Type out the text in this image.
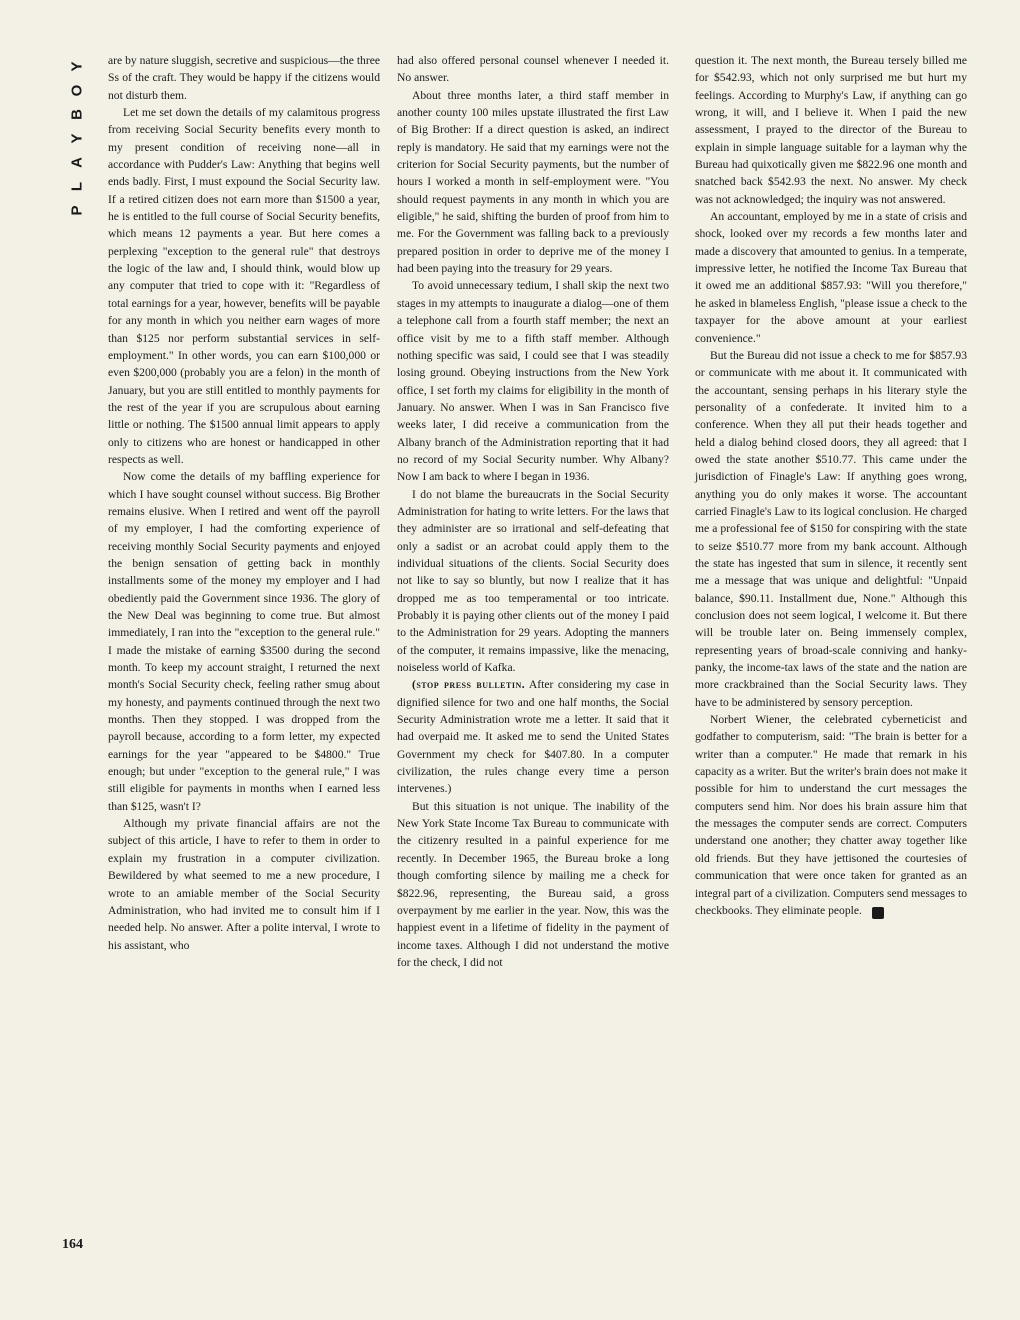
Y
O
B
Y
A
L
P

are by nature sluggish, secretive and suspicious—the three Ss of the craft. They would be happy if the citizens would not disturb them.

Let me set down the details of my calamitous progress from receiving Social Security benefits every month to my present condition of receiving none—all in accordance with Pudder's Law: Anything that begins well ends badly. First, I must expound the Social Security law. If a retired citizen does not earn more than $1500 a year, he is entitled to the full course of Social Security benefits, which means 12 payments a year. But here comes a perplexing "exception to the general rule" that destroys the logic of the law and, I should think, would blow up any computer that tried to cope with it: "Regardless of total earnings for a year, however, benefits will be payable for any month in which you neither earn wages of more than $125 nor perform substantial services in self-employment." In other words, you can earn $100,000 or even $200,000 (probably you are a felon) in the month of January, but you are still entitled to monthly payments for the rest of the year if you are scrupulous about earning little or nothing. The $1500 annual limit appears to apply only to citizens who are honest or handicapped in other respects as well.

Now come the details of my baffling experience for which I have sought counsel without success. Big Brother remains elusive. When I retired and went off the payroll of my employer, I had the comforting experience of receiving monthly Social Security payments and enjoyed the benign sensation of getting back in monthly installments some of the money my employer and I had obediently paid the Government since 1936. The glory of the New Deal was beginning to come true. But almost immediately, I ran into the "exception to the general rule." I made the mistake of earning $3500 during the second month. To keep my account straight, I returned the next month's Social Security check, feeling rather smug about my honesty, and payments continued through the next two months. Then they stopped. I was dropped from the payroll because, according to a form letter, my expected earnings for the year "appeared to be $4800." True enough; but under "exception to the general rule," I was still eligible for payments in months when I earned less than $125, wasn't I?

Although my private financial affairs are not the subject of this article, I have to refer to them in order to explain my frustration in a computer civilization. Bewildered by what seemed to me a new procedure, I wrote to an amiable member of the Social Security Administration, who had invited me to consult him if I needed help. No answer. After a polite interval, I wrote to his assistant, who

had also offered personal counsel whenever I needed it. No answer.

About three months later, a third staff member in another county 100 miles upstate illustrated the first Law of Big Brother: If a direct question is asked, an indirect reply is mandatory. He said that my earnings were not the criterion for Social Security payments, but the number of hours I worked a month in self-employment were. "You should request payments in any month in which you are eligible," he said, shifting the burden of proof from him to me. For the Government was falling back to a previously prepared position in order to deprive me of the money I had been paying into the treasury for 29 years.

To avoid unnecessary tedium, I shall skip the next two stages in my attempts to inaugurate a dialog—one of them a telephone call from a fourth staff member; the next an office visit by me to a fifth staff member. Although nothing specific was said, I could see that I was steadily losing ground. Obeying instructions from the New York office, I set forth my claims for eligibility in the month of January. No answer. When I was in San Francisco five weeks later, I did receive a communication from the Albany branch of the Administration reporting that it had no record of my Social Security number. Why Albany? Now I am back to where I began in 1936.

I do not blame the bureaucrats in the Social Security Administration for hating to write letters. For the laws that they administer are so irrational and self-defeating that only a sadist or an acrobat could apply them to the individual situations of the clients. Social Security does not like to say so bluntly, but now I realize that it has dropped me as too temperamental or too intricate. Probably it is paying other clients out of the money I paid to the Administration for 29 years. Adopting the manners of the computer, it remains impassive, like the menacing, noiseless world of Kafka.

(stop press bulletin. After considering my case in dignified silence for two and one half months, the Social Security Administration wrote me a letter. It said that it had overpaid me. It asked me to send the United States Government my check for $407.80. In a computer civilization, the rules change every time a person intervenes.)

But this situation is not unique. The inability of the New York State Income Tax Bureau to communicate with the citizenry resulted in a painful experience for me recently. In December 1965, the Bureau broke a long though comforting silence by mailing me a check for $822.96, representing, the Bureau said, a gross overpayment by me earlier in the year. Now, this was the happiest event in a lifetime of fidelity in the payment of income taxes. Although I did not understand the motive for the check, I did not

question it. The next month, the Bureau tersely billed me for $542.93, which not only surprised me but hurt my feelings. According to Murphy's Law, if anything can go wrong, it will, and I believe it. When I paid the new assessment, I prayed to the director of the Bureau to explain in simple language suitable for a layman why the Bureau had quixotically given me $822.96 one month and snatched back $542.93 the next. No answer. My check was not acknowledged; the inquiry was not answered.

An accountant, employed by me in a state of crisis and shock, looked over my records a few months later and made a discovery that amounted to genius. In a temperate, impressive letter, he notified the Income Tax Bureau that it owed me an additional $857.93: "Will you therefore," he asked in blameless English, "please issue a check to the taxpayer for the above amount at your earliest convenience."

But the Bureau did not issue a check to me for $857.93 or communicate with me about it. It communicated with the accountant, sensing perhaps in his literary style the personality of a confederate. It invited him to a conference. When they all put their heads together and held a dialog behind closed doors, they all agreed: that I owed the state another $510.77. This came under the jurisdiction of Finagle's Law: If anything goes wrong, anything you do only makes it worse. The accountant carried Finagle's Law to its logical conclusion. He charged me a professional fee of $150 for conspiring with the state to seize $510.77 more from my bank account. Although the state has ingested that sum in silence, it recently sent me a message that was unique and delightful: "Unpaid balance, $90.11. Installment due, None." Although this conclusion does not seem logical, I welcome it. But there will be trouble later on. Being immensely complex, representing years of broad-scale conniving and hanky-panky, the income-tax laws of the state and the nation are more crackbrained than the Social Security laws. They have to be administered by sensory perception.

Norbert Wiener, the celebrated cyberneticist and godfather to computerism, said: "The brain is better for a writer than a computer." He made that remark in his capacity as a writer. But the writer's brain does not make it possible for him to understand the curt messages the computers send him. Nor does his brain assure him that the messages the computer sends are correct. Computers understand one another; they chatter away together like old friends. But they have jettisoned the courtesies of communication that were once taken for granted as an integral part of a civilization. Computers send messages to checkbooks. They eliminate people.	Y

164
